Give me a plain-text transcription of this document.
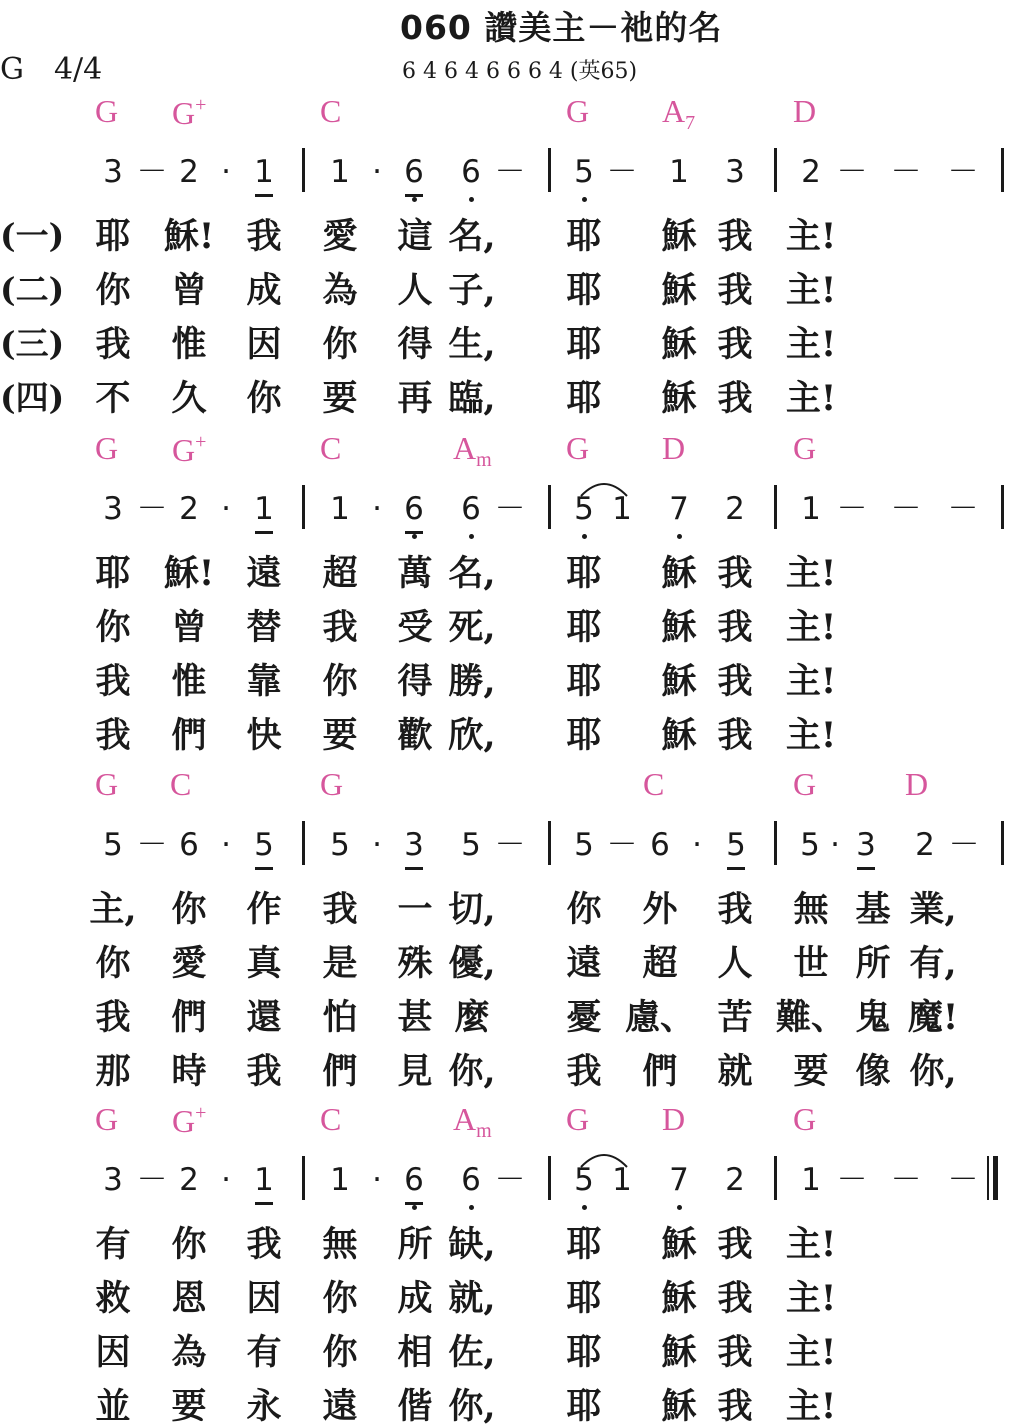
060 讚美主－祂的名
6 4 6 4 6 6 6 4 (英65)
G　4/4
G G+	C	G $A_7$	D
3 － 2 · 1 1 · 6 6 － 5 － 1 3 2 － － －
(一) 耶 穌! 我 愛 這 名, 耶 穌 我 主!
(二) 你 曾 成 為 人 子, 耶 穌 我 主!
(三) 我 惟 因 你 得 生, 耶 穌 我 主!
(四) 不 久 你 要 再 臨, 耶 穌 我 主!
G G+	C	$A_m$ G D	G
3 － 2 · 1 1 · 6 6 － 5 1 7 2 1 － － －
耶 穌! 遠 超 萬 名, 耶 穌 我 主!
你 曾 替 我 受 死, 耶 穌 我 主!
我 惟 靠 你 得 勝, 耶 穌 我 主!
我 們 快 要 歡 欣, 耶 穌 我 主!
G C	G	C	G	D
5 － 6 · 5 5 · 3 5 － 5 － 6 · 5 5 · 3 2 －
主, 你 作 我 一 切, 你 外 我 無 基 業,
你 愛 真 是 殊 優, 遠 超 人 世 所 有,
我 們 還 怕 甚 麼 憂 慮、 苦 難、 鬼 魔!
那 時 我 們 見 你, 我 們 就 要 像 你,
G G+	C	$A_m$ G D	G
3 － 2 · 1 1 · 6 6 － 5 1 7 2 1 － － －
有 你 我 無 所 缺, 耶 穌 我 主!
救 恩 因 你 成 就, 耶 穌 我 主!
因 為 有 你 相 佐, 耶 穌 我 主!
並 要 永 遠 偕 你, 耶 穌 我 主!
